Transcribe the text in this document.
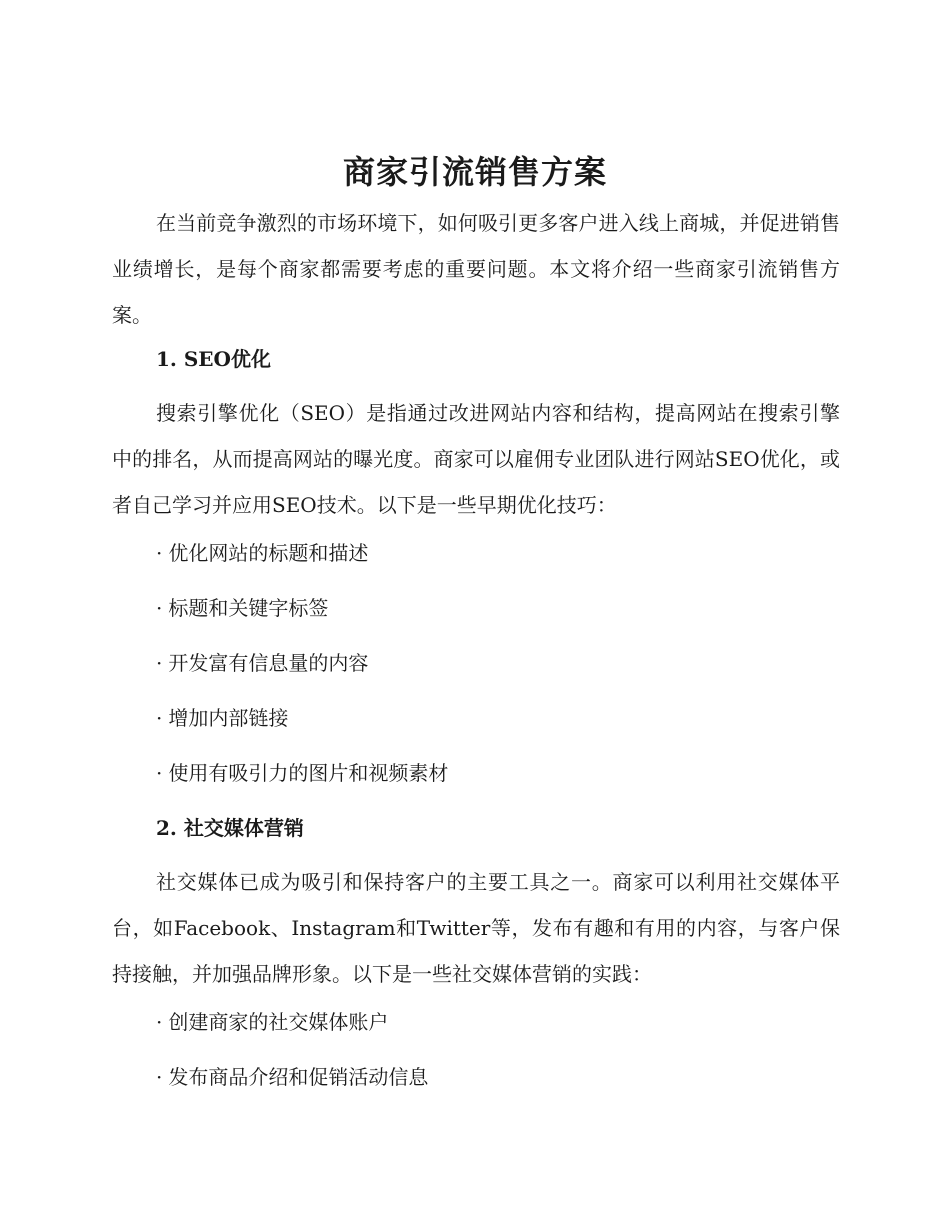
商家引流销售方案

在当前竞争激烈的市场环境下，如何吸引更多客户进入线上商城，并促进销售业绩增长，是每个商家都需要考虑的重要问题。本文将介绍一些商家引流销售方案。

1. SEO优化

搜索引擎优化（SEO）是指通过改进网站内容和结构，提高网站在搜索引擎中的排名，从而提高网站的曝光度。商家可以雇佣专业团队进行网站SEO优化，或者自己学习并应用SEO技术。以下是一些早期优化技巧：

· 优化网站的标题和描述

· 标题和关键字标签

· 开发富有信息量的内容

· 增加内部链接

· 使用有吸引力的图片和视频素材

2. 社交媒体营销

社交媒体已成为吸引和保持客户的主要工具之一。商家可以利用社交媒体平台，如Facebook、Instagram和Twitter等，发布有趣和有用的内容，与客户保持接触，并加强品牌形象。以下是一些社交媒体营销的实践：

· 创建商家的社交媒体账户

· 发布商品介绍和促销活动信息
